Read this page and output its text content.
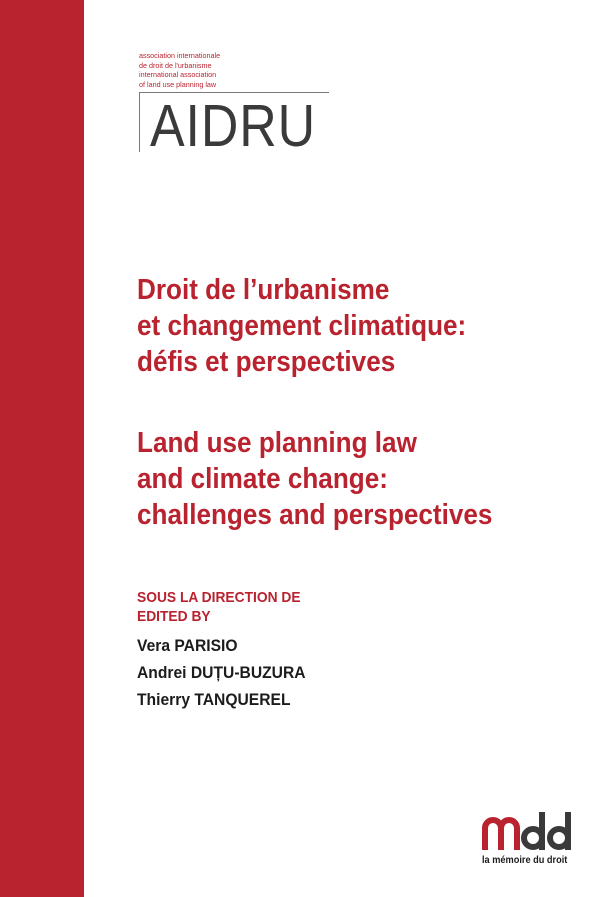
association internationale
de droit de l'urbanisme
international association
of land use planning law
AIDRU
Droit de l’urbanisme
et changement climatique:
défis et perspectives
Land use planning law
and climate change:
challenges and perspectives
SOUS LA DIRECTION DE
EDITED BY
Vera PARISIO
Andrei DUȚU-BUZURA
Thierry TANQUEREL
la mémoire du droit
